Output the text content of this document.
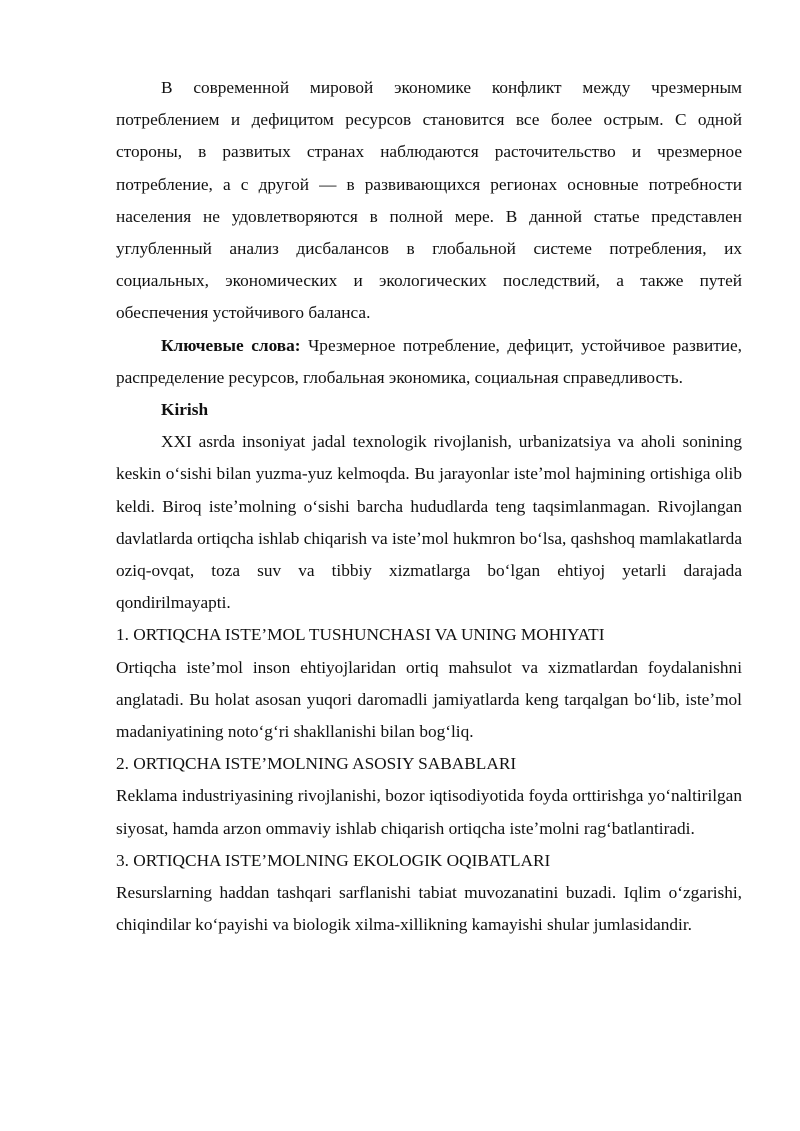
В современной мировой экономике конфликт между чрезмерным потреблением и дефицитом ресурсов становится все более острым. С одной стороны, в развитых странах наблюдаются расточительство и чрезмерное потребление, а с другой — в развивающихся регионах основные потребности населения не удовлетворяются в полной мере. В данной статье представлен углубленный анализ дисбалансов в глобальной системе потребления, их социальных, экономических и экологических последствий, а также путей обеспечения устойчивого баланса.

Ключевые слова: Чрезмерное потребление, дефицит, устойчивое развитие, распределение ресурсов, глобальная экономика, социальная справедливость.

Kirish

XXI asrda insoniyat jadal texnologik rivojlanish, urbanizatsiya va aholi sonining keskin oʻsishi bilan yuzma-yuz kelmoqda. Bu jarayonlar isteʼmol hajmining ortishiga olib keldi. Biroq isteʼmolning oʻsishi barcha hududlarda teng taqsimlanmagan. Rivojlangan davlatlarda ortiqcha ishlab chiqarish va isteʼmol hukmron boʻlsa, qashshoq mamlakatlarda oziq-ovqat, toza suv va tibbiy xizmatlarga boʻlgan ehtiyoj yetarli darajada qondirilmayapti.

1. ORTIQCHA ISTE’MOL TUSHUNCHASI VA UNING MOHIYATI

Ortiqcha iste’mol inson ehtiyojlaridan ortiq mahsulot va xizmatlardan foydalanishni anglatadi. Bu holat asosan yuqori daromadli jamiyatlarda keng tarqalgan boʻlib, isteʼmol madaniyatining notoʻgʻri shakllanishi bilan bogʻliq.

2. ORTIQCHA ISTE’MOLNING ASOSIY SABABLARI

Reklama industriyasining rivojlanishi, bozor iqtisodiyotida foyda orttirishga yoʻnaltirilgan siyosat, hamda arzon ommaviy ishlab chiqarish ortiqcha isteʼmolni ragʻbatlantiradi.

3. ORTIQCHA ISTE’MOLNING EKOLOGIK OQIBATLARI

Resurslarning haddan tashqari sarflanishi tabiat muvozanatini buzadi. Iqlim oʻzgarishi, chiqindilar koʻpayishi va biologik xilma-xillikning kamayishi shular jumlasidandir.
